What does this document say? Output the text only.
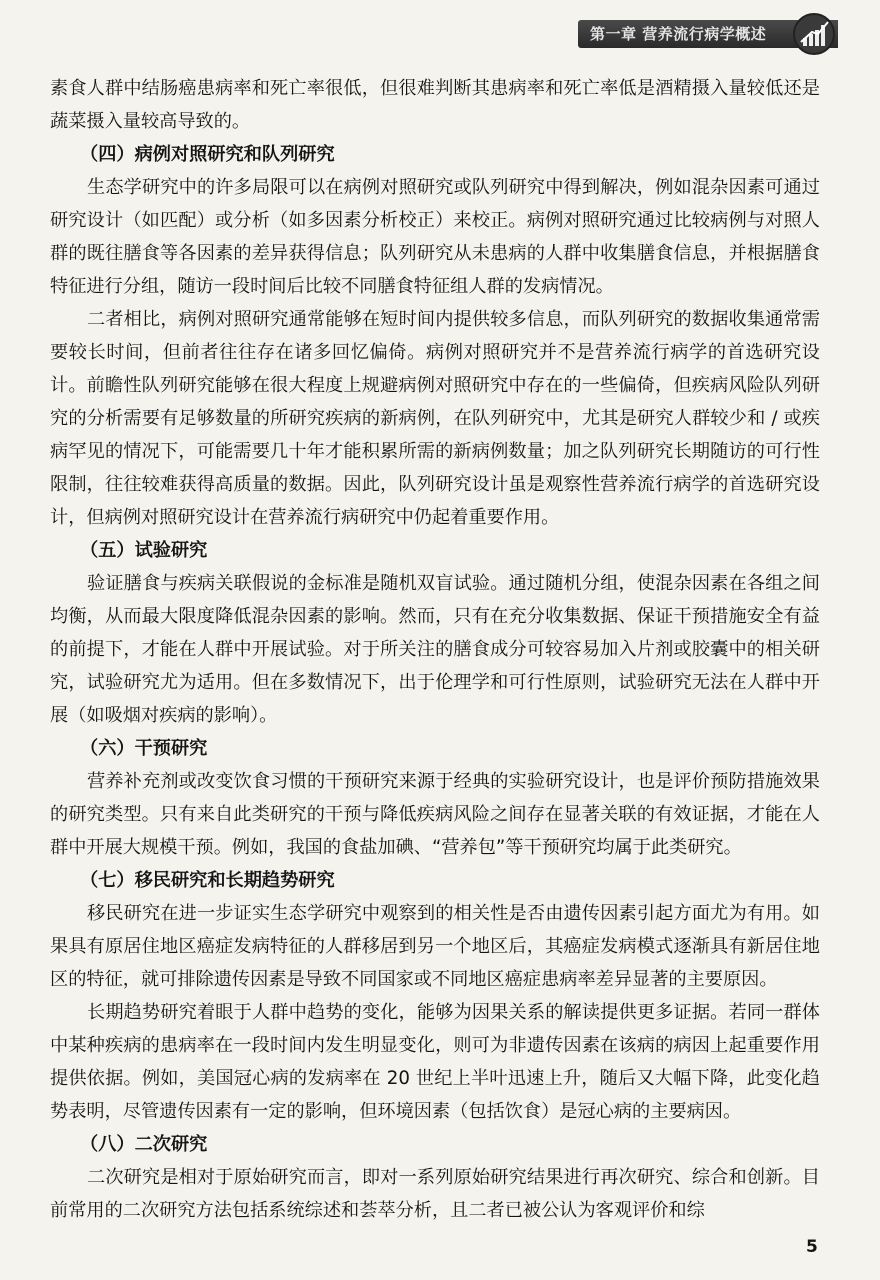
第一章 营养流行病学概述

素食人群中结肠癌患病率和死亡率很低，但很难判断其患病率和死亡率低是酒精摄入量较低还是蔬菜摄入量较高导致的。

（四）病例对照研究和队列研究

生态学研究中的许多局限可以在病例对照研究或队列研究中得到解决，例如混杂因素可通过研究设计（如匹配）或分析（如多因素分析校正）来校正。病例对照研究通过比较病例与对照人群的既往膳食等各因素的差异获得信息；队列研究从未患病的人群中收集膳食信息，并根据膳食特征进行分组，随访一段时间后比较不同膳食特征组人群的发病情况。

二者相比，病例对照研究通常能够在短时间内提供较多信息，而队列研究的数据收集通常需要较长时间，但前者往往存在诸多回忆偏倚。病例对照研究并不是营养流行病学的首选研究设计。前瞻性队列研究能够在很大程度上规避病例对照研究中存在的一些偏倚，但疾病风险队列研究的分析需要有足够数量的所研究疾病的新病例，在队列研究中，尤其是研究人群较少和 / 或疾病罕见的情况下，可能需要几十年才能积累所需的新病例数量；加之队列研究长期随访的可行性限制，往往较难获得高质量的数据。因此，队列研究设计虽是观察性营养流行病学的首选研究设计，但病例对照研究设计在营养流行病研究中仍起着重要作用。

（五）试验研究

验证膳食与疾病关联假说的金标准是随机双盲试验。通过随机分组，使混杂因素在各组之间均衡，从而最大限度降低混杂因素的影响。然而，只有在充分收集数据、保证干预措施安全有益的前提下，才能在人群中开展试验。对于所关注的膳食成分可较容易加入片剂或胶囊中的相关研究，试验研究尤为适用。但在多数情况下，出于伦理学和可行性原则，试验研究无法在人群中开展（如吸烟对疾病的影响）。

（六）干预研究

营养补充剂或改变饮食习惯的干预研究来源于经典的实验研究设计，也是评价预防措施效果的研究类型。只有来自此类研究的干预与降低疾病风险之间存在显著关联的有效证据，才能在人群中开展大规模干预。例如，我国的食盐加碘、“营养包”等干预研究均属于此类研究。

（七）移民研究和长期趋势研究

移民研究在进一步证实生态学研究中观察到的相关性是否由遗传因素引起方面尤为有用。如果具有原居住地区癌症发病特征的人群移居到另一个地区后，其癌症发病模式逐渐具有新居住地区的特征，就可排除遗传因素是导致不同国家或不同地区癌症患病率差异显著的主要原因。

长期趋势研究着眼于人群中趋势的变化，能够为因果关系的解读提供更多证据。若同一群体中某种疾病的患病率在一段时间内发生明显变化，则可为非遗传因素在该病的病因上起重要作用提供依据。例如，美国冠心病的发病率在 20 世纪上半叶迅速上升，随后又大幅下降，此变化趋势表明，尽管遗传因素有一定的影响，但环境因素（包括饮食）是冠心病的主要病因。

（八）二次研究

二次研究是相对于原始研究而言，即对一系列原始研究结果进行再次研究、综合和创新。目前常用的二次研究方法包括系统综述和荟萃分析，且二者已被公认为客观评价和综

5
